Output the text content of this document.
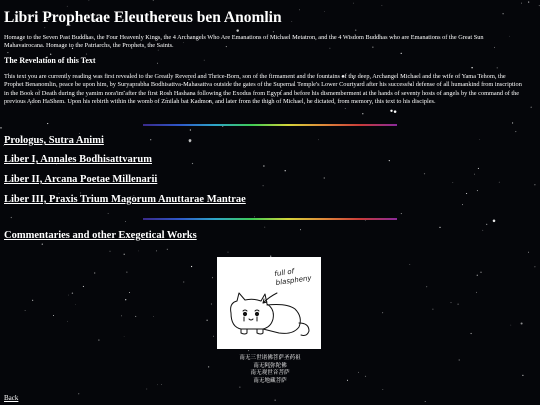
Libri Prophetae Eleuthereus ben Anomlin

Homage to the Seven Past Buddhas, the Four Heavenly Kings, the 4 Archangels Who Are Emanations of Michael Metatron, and the 4 Wisdom Buddhas who are Emanations of the Great Sun Mahavairocana. Homage to the Patriarchs, the Prophets, the Saints.

The Revelation of this Text

This text you are currently reading was first revealed to the Greatly Revered and Thrice-Born, son of the firmament and the fountains of the deep, Archangel Michael and the wife of Yama Tehom, the Prophet Benanomlin, peace be upon him, by Suryaprabha Bodhisattva-Mahasattva outside the gates of the Supernal Temple's Lower Courtyard after his successful defense of all humankind from inscription in the Book of Death during the yamim nora'im after the first Rosh Hashana following the Exodus from Egypt and before his dismemberment at the hands of seventy hosts of angels by the command of the previous Adon HaShem. Upon his rebirth within the womb of Zmilah bat Kadmon, and later from the thigh of Michael, he dictated, from memory, this text to his disciples.

Prologus, Sutra Animi
Liber I, Annales Bodhisattvarum
Liber II, Arcana Poetae Millenarii
Liber III, Praxis Trium Magorum Anuttarae Mantrae
Commentaries and other Exegetical Works
full of blaspheny
南无三世诸佛菩萨圣药祖
南无阿弥陀佛
南无观世音菩萨
南无地藏菩萨
Back
